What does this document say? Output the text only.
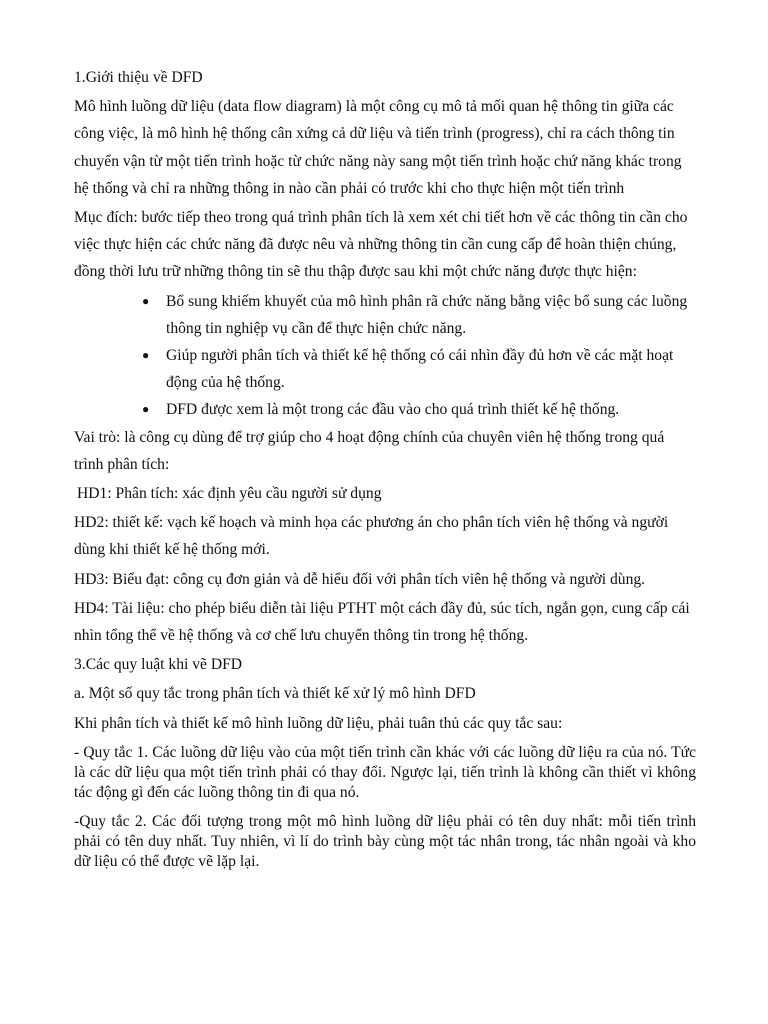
1.Giới thiệu về DFD

Mô hình luồng dữ liệu (data flow diagram) là một công cụ mô tả mối quan hệ thông tin giữa các công việc, là mô hình hệ thống cân xứng cả dữ liệu và tiến trình (progress), chỉ ra cách thông tin chuyển vận từ một tiến trình hoặc từ chức năng này sang một tiến trình hoặc chứ năng khác trong hệ thống và chỉ ra những thông in nào cần phải có trước khi cho thực hiện một tiến trình

Mục đích: bước tiếp theo trong quá trình phân tích là xem xét chi tiết hơn về các thông tin cần cho việc thực hiện các chức năng đã được nêu và những thông tin cần cung cấp để hoàn thiện chúng, đồng thời lưu trữ những thông tin sẽ thu thập được sau khi một chức năng được thực hiện:

●	Bổ sung khiếm khuyết của mô hình phân rã chức năng bằng việc bổ sung các luồng thông tin nghiệp vụ cần để thực hiện chức năng.
●	Giúp người phân tích và thiết kế hệ thống có cái nhìn đầy đủ hơn về các mặt hoạt động của hệ thống.
●	DFD được xem là một trong các đầu vào cho quá trình thiết kế hệ thống.

Vai trò: là công cụ dùng để trợ giúp cho 4 hoạt động chính của chuyên viên hệ thống trong quá trình phân tích:

HD1: Phân tích: xác định yêu cầu người sử dụng

HD2: thiết kế: vạch kế hoạch và minh họa các phương án cho phân tích viên hệ thống và người dùng khi thiết kế hệ thống mới.

HD3: Biểu đạt: công cụ đơn giản và dễ hiểu đối với phân tích viên hệ thống và người dùng.

HD4: Tài liệu: cho phép biểu diễn tài liệu PTHT một cách đầy đủ, súc tích, ngắn gọn, cung cấp cái nhìn tổng thể về hệ thống và cơ chế lưu chuyển thông tin trong hệ thống.

3.Các quy luật khi vẽ DFD

a. Một số quy tắc trong phân tích và thiết kế xử lý mô hình DFD

Khi phân tích và thiết kế mô hình luồng dữ liệu, phải tuân thủ các quy tắc sau:

- Quy tắc 1. Các luồng dữ liệu vào của một tiến trình cần khác với các luồng dữ liệu ra của nó. Tức là các dữ liệu qua một tiến trình phải có thay đổi. Ngược lại, tiến trình là không cần thiết vì không tác động gì đến các luồng thông tin đi qua nó.

-Quy tắc 2. Các đối tượng trong một mô hình luồng dữ liệu phải có tên duy nhất: mỗi tiến trình phải có tên duy nhất. Tuy nhiên, vì lí do trình bày cùng một tác nhân trong, tác nhân ngoài và kho dữ liệu có thể được vẽ lặp lại.
